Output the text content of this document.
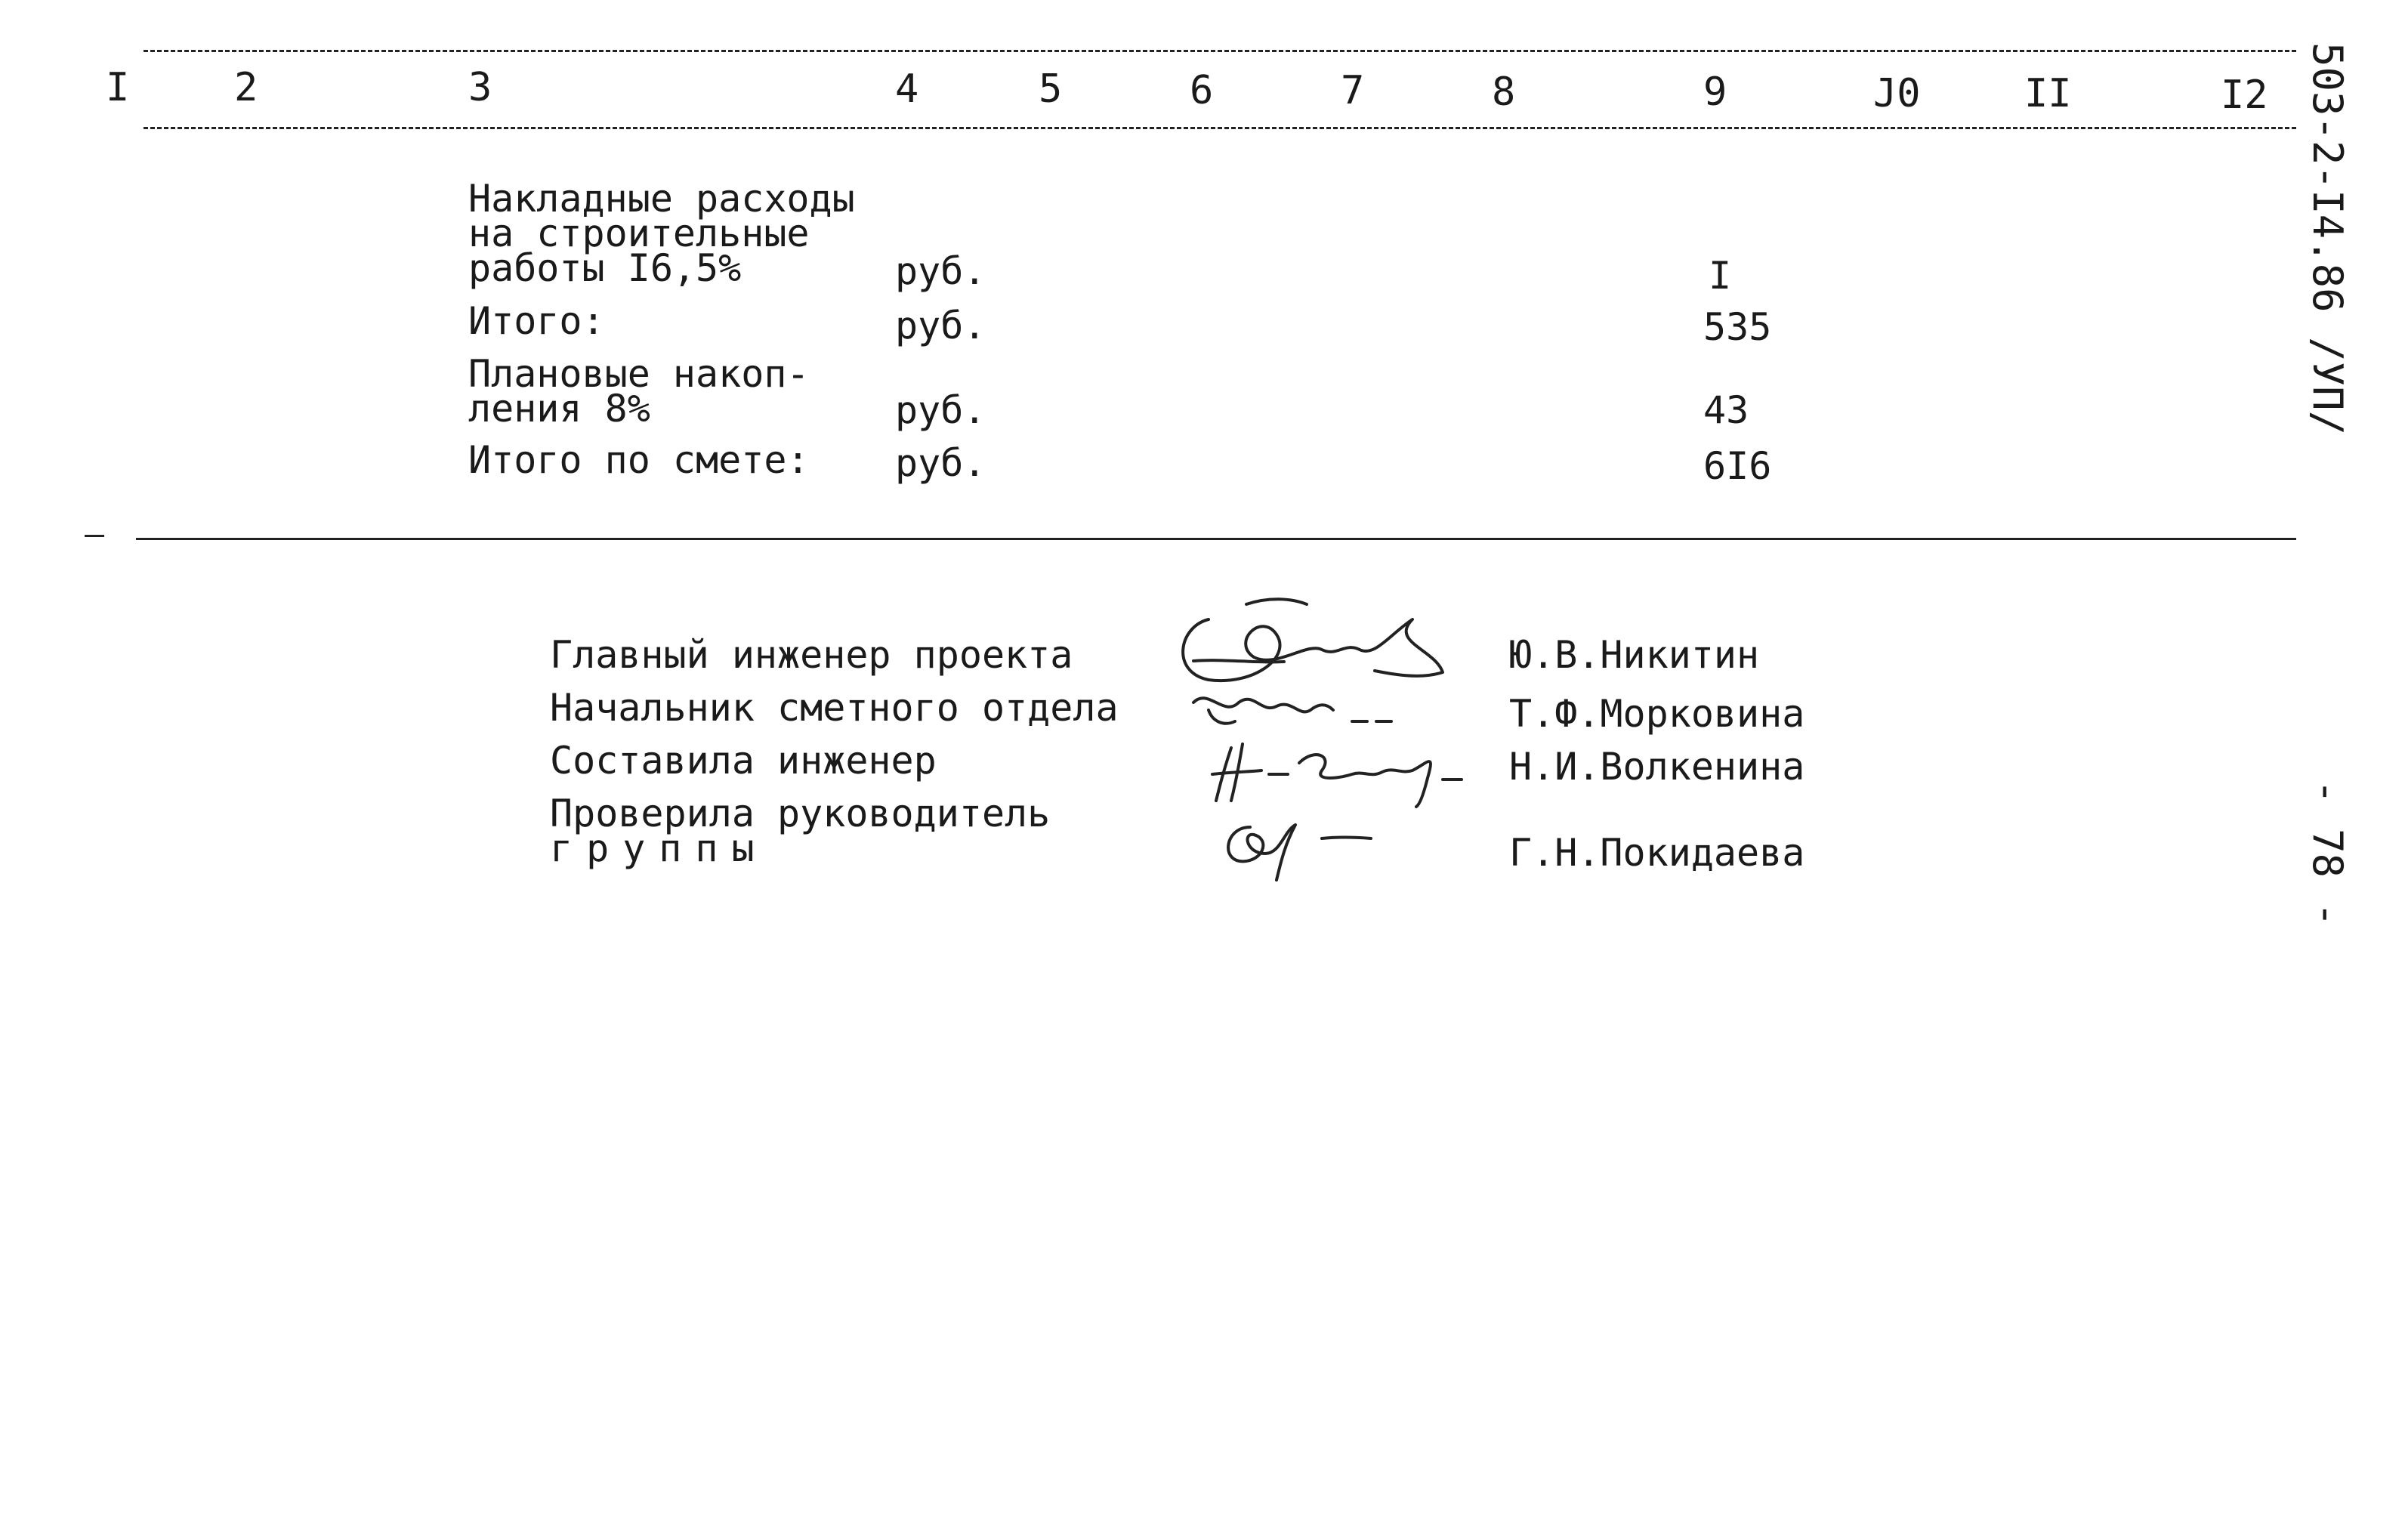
I	2	3	4	5	6	7	8	9	J0	II	I2
Накладные расходы
на строительные
работы I6,5%	руб.	I
Итого:	руб.	535
Плановые накоп-
ления 8%	руб.	43
Итого по смете: руб.	6I6
Главный инженер проекта	Ю.В.Никитин
Начальник сметного отдела	Т.Ф.Морковина
Составила инженер	Н.И.Волкенина
Проверила руководитель
группы	Г.Н.Покидаева
503-2-I4.86 /УП/
- 78 -
